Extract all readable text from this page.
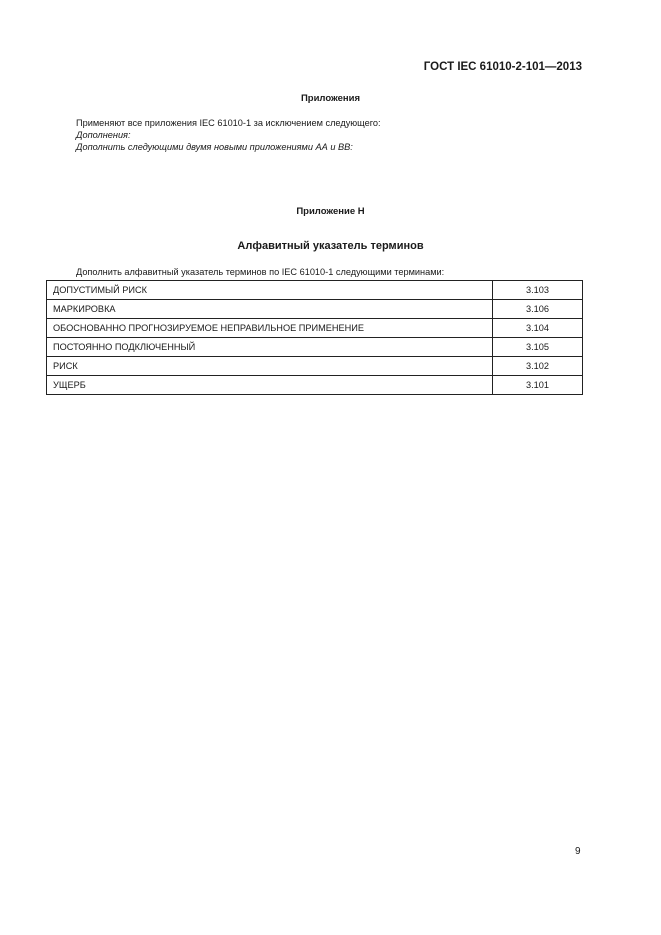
ГОСТ IEC 61010-2-101—2013
Приложения
Применяют все приложения IEC 61010-1 за исключением следующего:
Дополнения:
Дополнить следующими двумя новыми приложениями АА и ВВ:
Приложение Н
Алфавитный указатель терминов
Дополнить алфавитный указатель терминов по IEC 61010-1 следующими терминами:
ДОПУСТИМЫЙ РИСК	3.103
МАРКИРОВКА	3.106
ОБОСНОВАННО ПРОГНОЗИРУЕМОЕ НЕПРАВИЛЬНОЕ ПРИМЕНЕНИЕ	3.104
ПОСТОЯННО ПОДКЛЮЧЕННЫЙ	3.105
РИСК	3.102
УЩЕРБ	3.101
9
